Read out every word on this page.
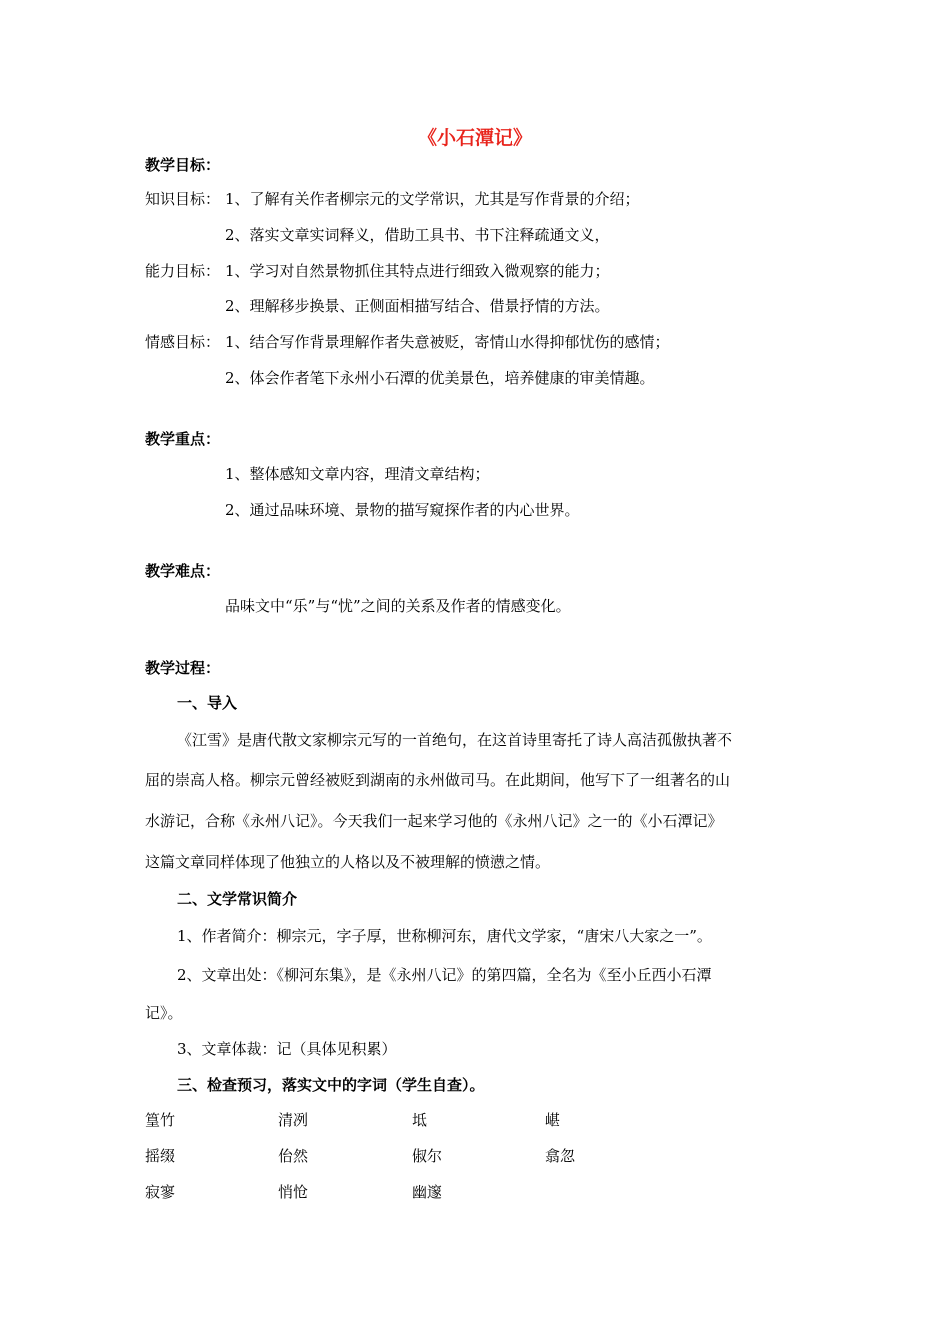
《小石潭记》
教学目标：
知识目标： 1、了解有关作者柳宗元的文学常识，尤其是写作背景的介绍；
2、落实文章实词释义，借助工具书、书下注释疏通文义，
能力目标： 1、学习对自然景物抓住其特点进行细致入微观察的能力；
2、理解移步换景、正侧面相描写结合、借景抒情的方法。
情感目标： 1、结合写作背景理解作者失意被贬，寄情山水得抑郁忧伤的感情；
2、体会作者笔下永州小石潭的优美景色，培养健康的审美情趣。
教学重点：
1、整体感知文章内容，理清文章结构；
2、通过品味环境、景物的描写窥探作者的内心世界。
教学难点：
品味文中“乐”与“忧”之间的关系及作者的情感变化。
教学过程：
一、导入
《江雪》是唐代散文家柳宗元写的一首绝句，在这首诗里寄托了诗人高洁孤傲执著不
屈的崇高人格。柳宗元曾经被贬到湖南的永州做司马。在此期间，他写下了一组著名的山
水游记，合称《永州八记》。今天我们一起来学习他的《永州八记》之一的《小石潭记》
这篇文章同样体现了他独立的人格以及不被理解的愤懑之情。
二、文学常识简介
1、作者简介：柳宗元，字子厚，世称柳河东，唐代文学家，“唐宋八大家之一”。
2、文章出处：《柳河东集》，是《永州八记》的第四篇，全名为《至小丘西小石潭
记》。
3、文章体裁：记（具体见积累）
三、检查预习，落实文中的字词（学生自查）。
篁竹	清冽	坻	嵁
摇缀	佁然	俶尔	翕忽
寂寥	悄怆	幽邃
